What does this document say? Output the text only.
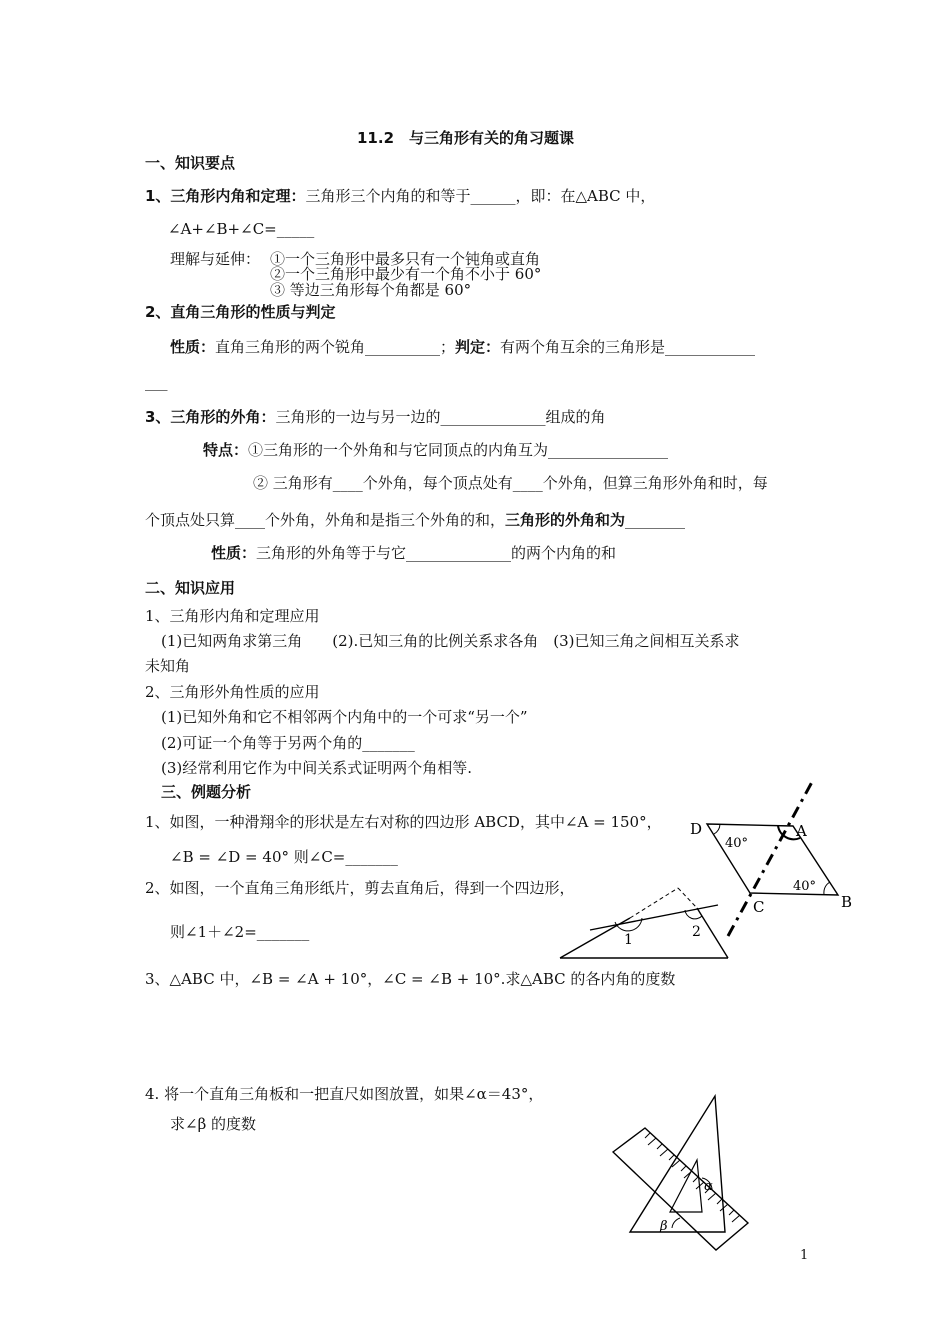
11.2　与三角形有关的角习题课
一、知识要点
1、三角形内角和定理：三角形三个内角的和等于______，即：在△ABC 中，
∠A+∠B+∠C=_____
理解与延伸： ①一个三角形中最多只有一个钝角或直角
②一个三角形中最少有一个角不小于 60°
③ 等边三角形每个角都是 60°
2、直角三角形的性质与判定
性质：直角三角形的两个锐角__________；判定：有两个角互余的三角形是____________
___
3、三角形的外角：三角形的一边与另一边的______________组成的角
特点：①三角形的一个外角和与它同顶点的内角互为________________
② 三角形有____个外角，每个顶点处有____个外角，但算三角形外角和时，每
个顶点处只算____个外角，外角和是指三个外角的和，三角形的外角和为________
性质：三角形的外角等于与它______________的两个内角的和
二、知识应用
1、三角形内角和定理应用
(1)已知两角求第三角　　(2).已知三角的比例关系求各角　(3)已知三角之间相互关系求
未知角
2、三角形外角性质的应用
(1)已知外角和它不相邻两个内角中的一个可求“另一个”
(2)可证一个角等于另两个角的_______
(3)经常利用它作为中间关系式证明两个角相等.
三、例题分析
1、如图，一种滑翔伞的形状是左右对称的四边形 ABCD，其中∠A = 150°，
∠B = ∠D = 40° 则∠C=_______
2、如图，一个直角三角形纸片，剪去直角后，得到一个四边形，
则∠1＋∠2=_______
3、△ABC 中，∠B = ∠A + 10°，∠C = ∠B + 10°.求△ABC 的各内角的度数
4. 将一个直角三角板和一把直尺如图放置，如果∠α＝43°，
求∠β 的度数
D	A
B
C
40°
40°
1	2
α
β
1
